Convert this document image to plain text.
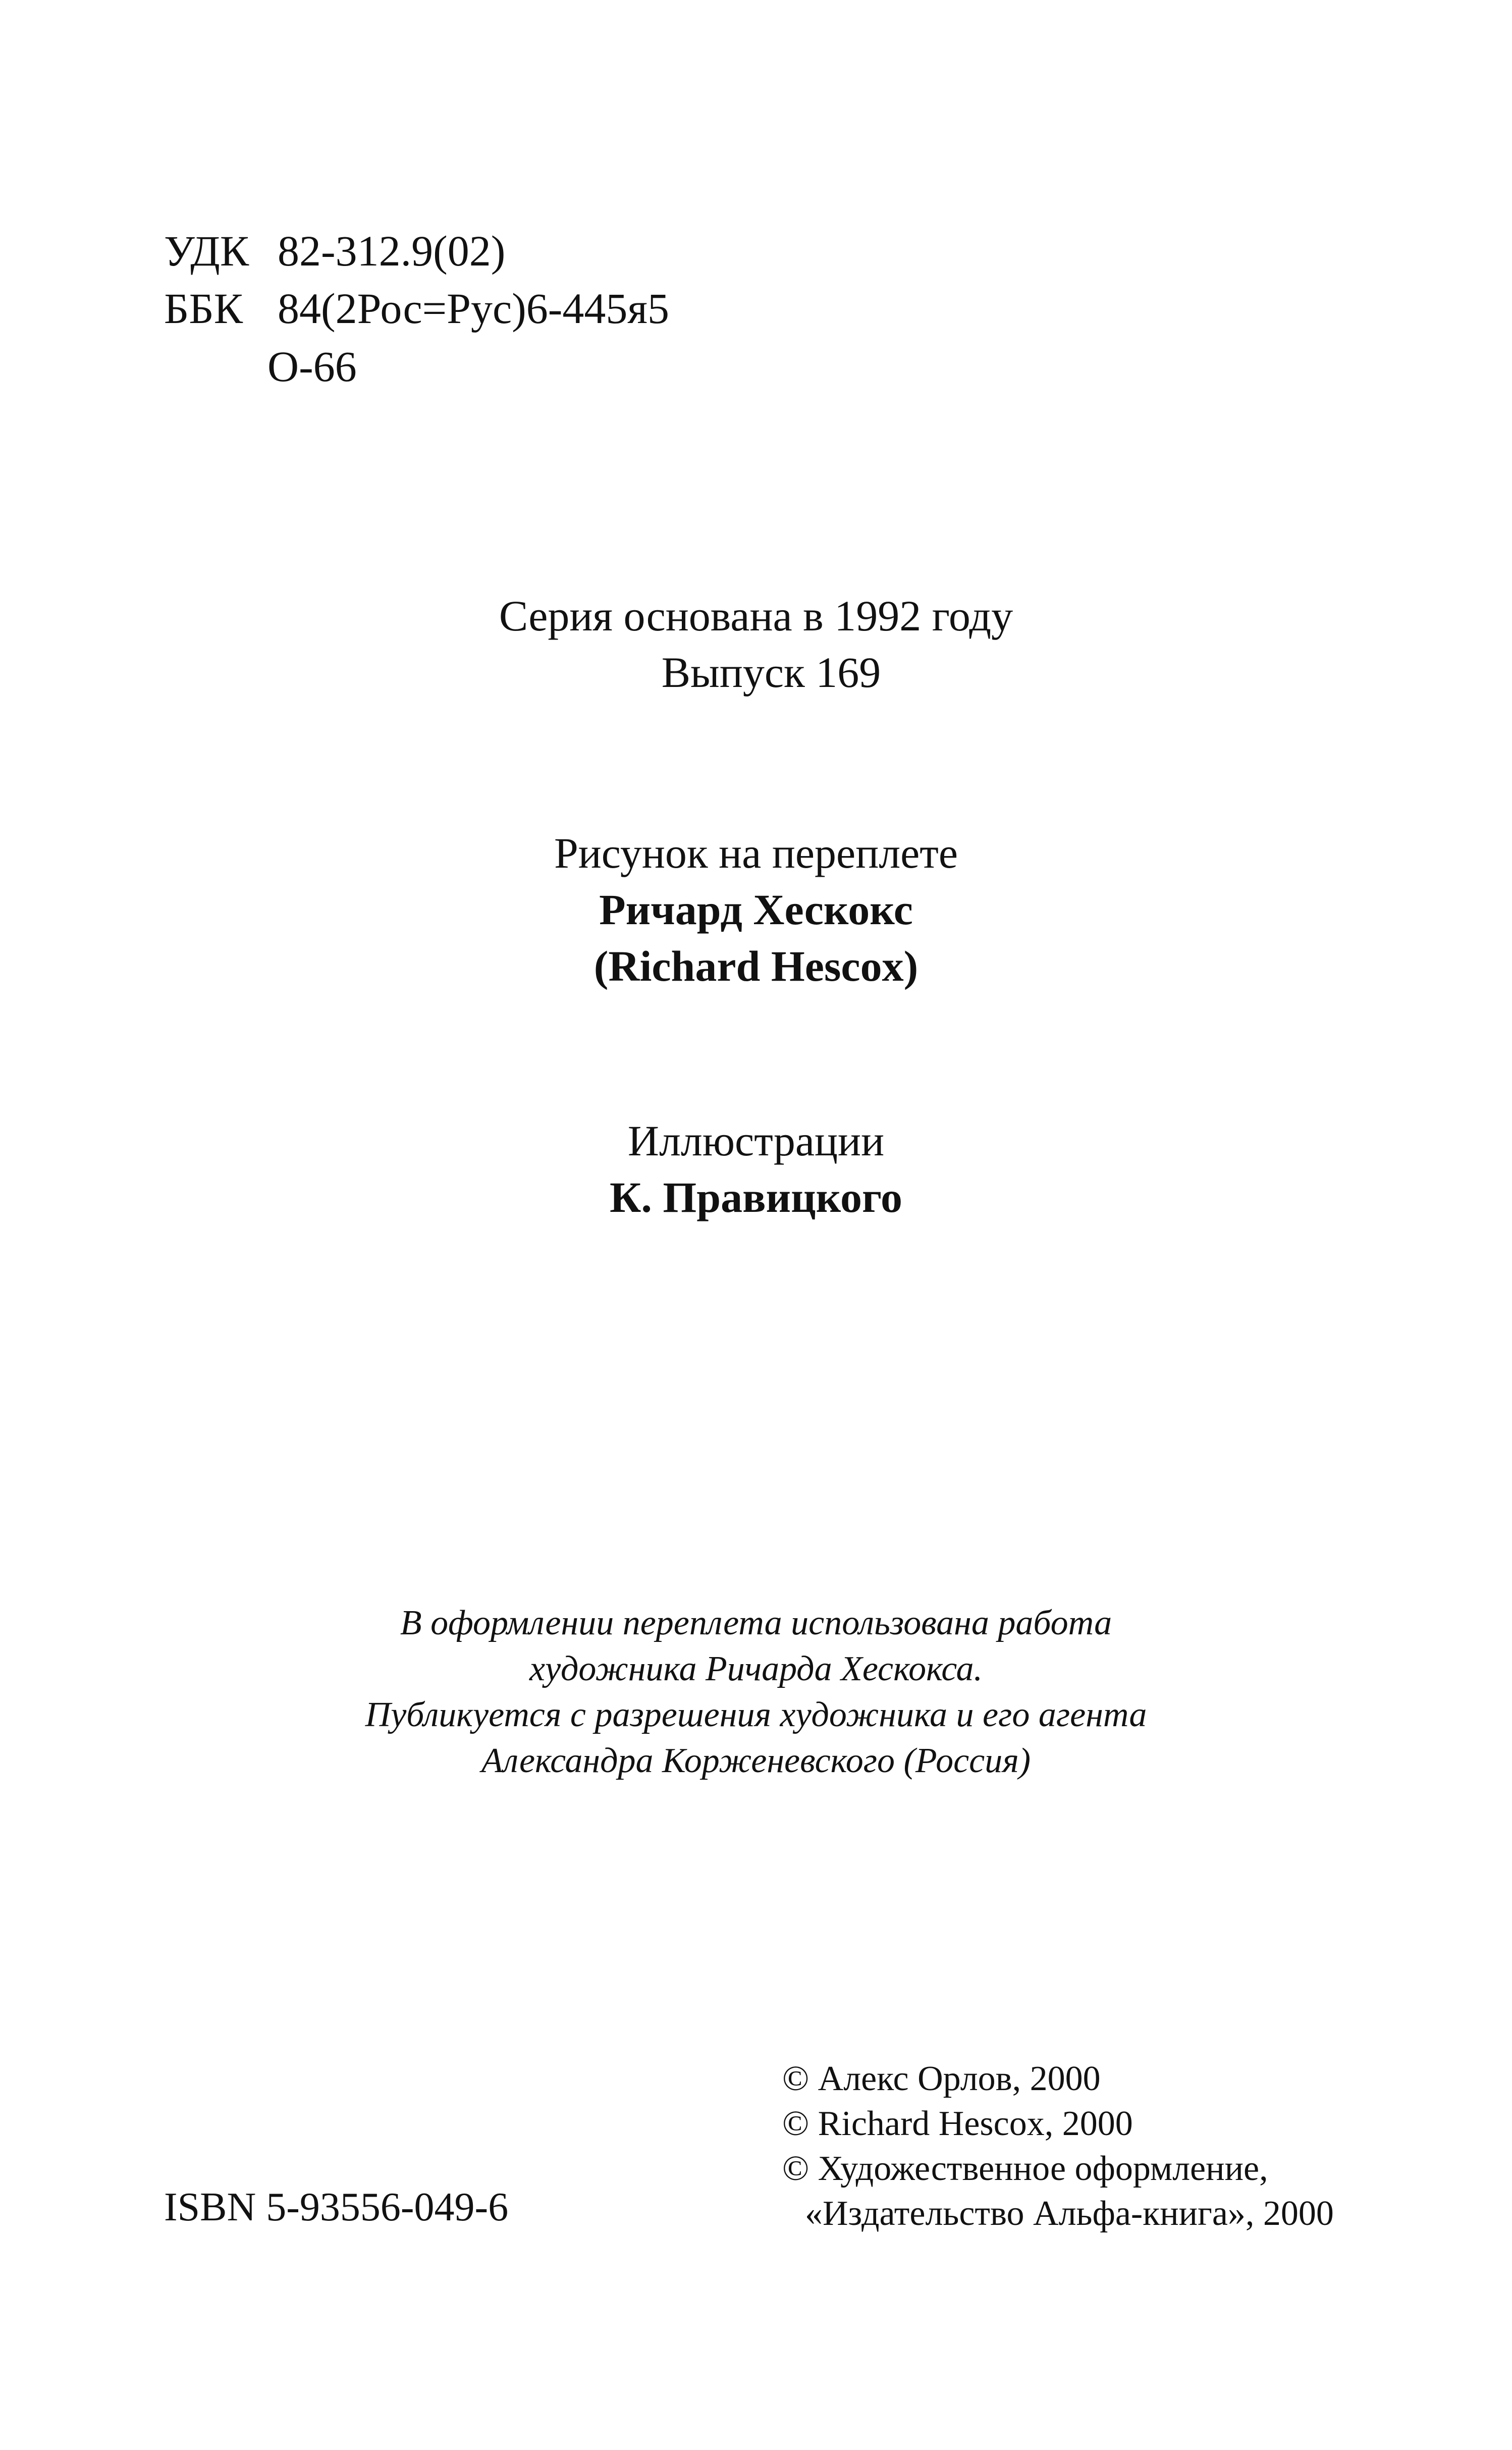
УДК 82-312.9(02)
ББК 84(2Рос=Рус)6-445я5
О-66
Серия основана в 1992 году
Выпуск 169
Рисунок на переплете
Ричард Хескокс
(Richard Hescox)
Иллюстрации
К. Правицкого
В оформлении переплета использована работа
художника Ричарда Хескокса.
Публикуется с разрешения художника и его агента
Александра Корженевского (Россия)
ISBN 5-93556-049-6
© Алекс Орлов, 2000
© Richard Hescox, 2000
© Художественное оформление,
«Издательство Альфа-книга», 2000
